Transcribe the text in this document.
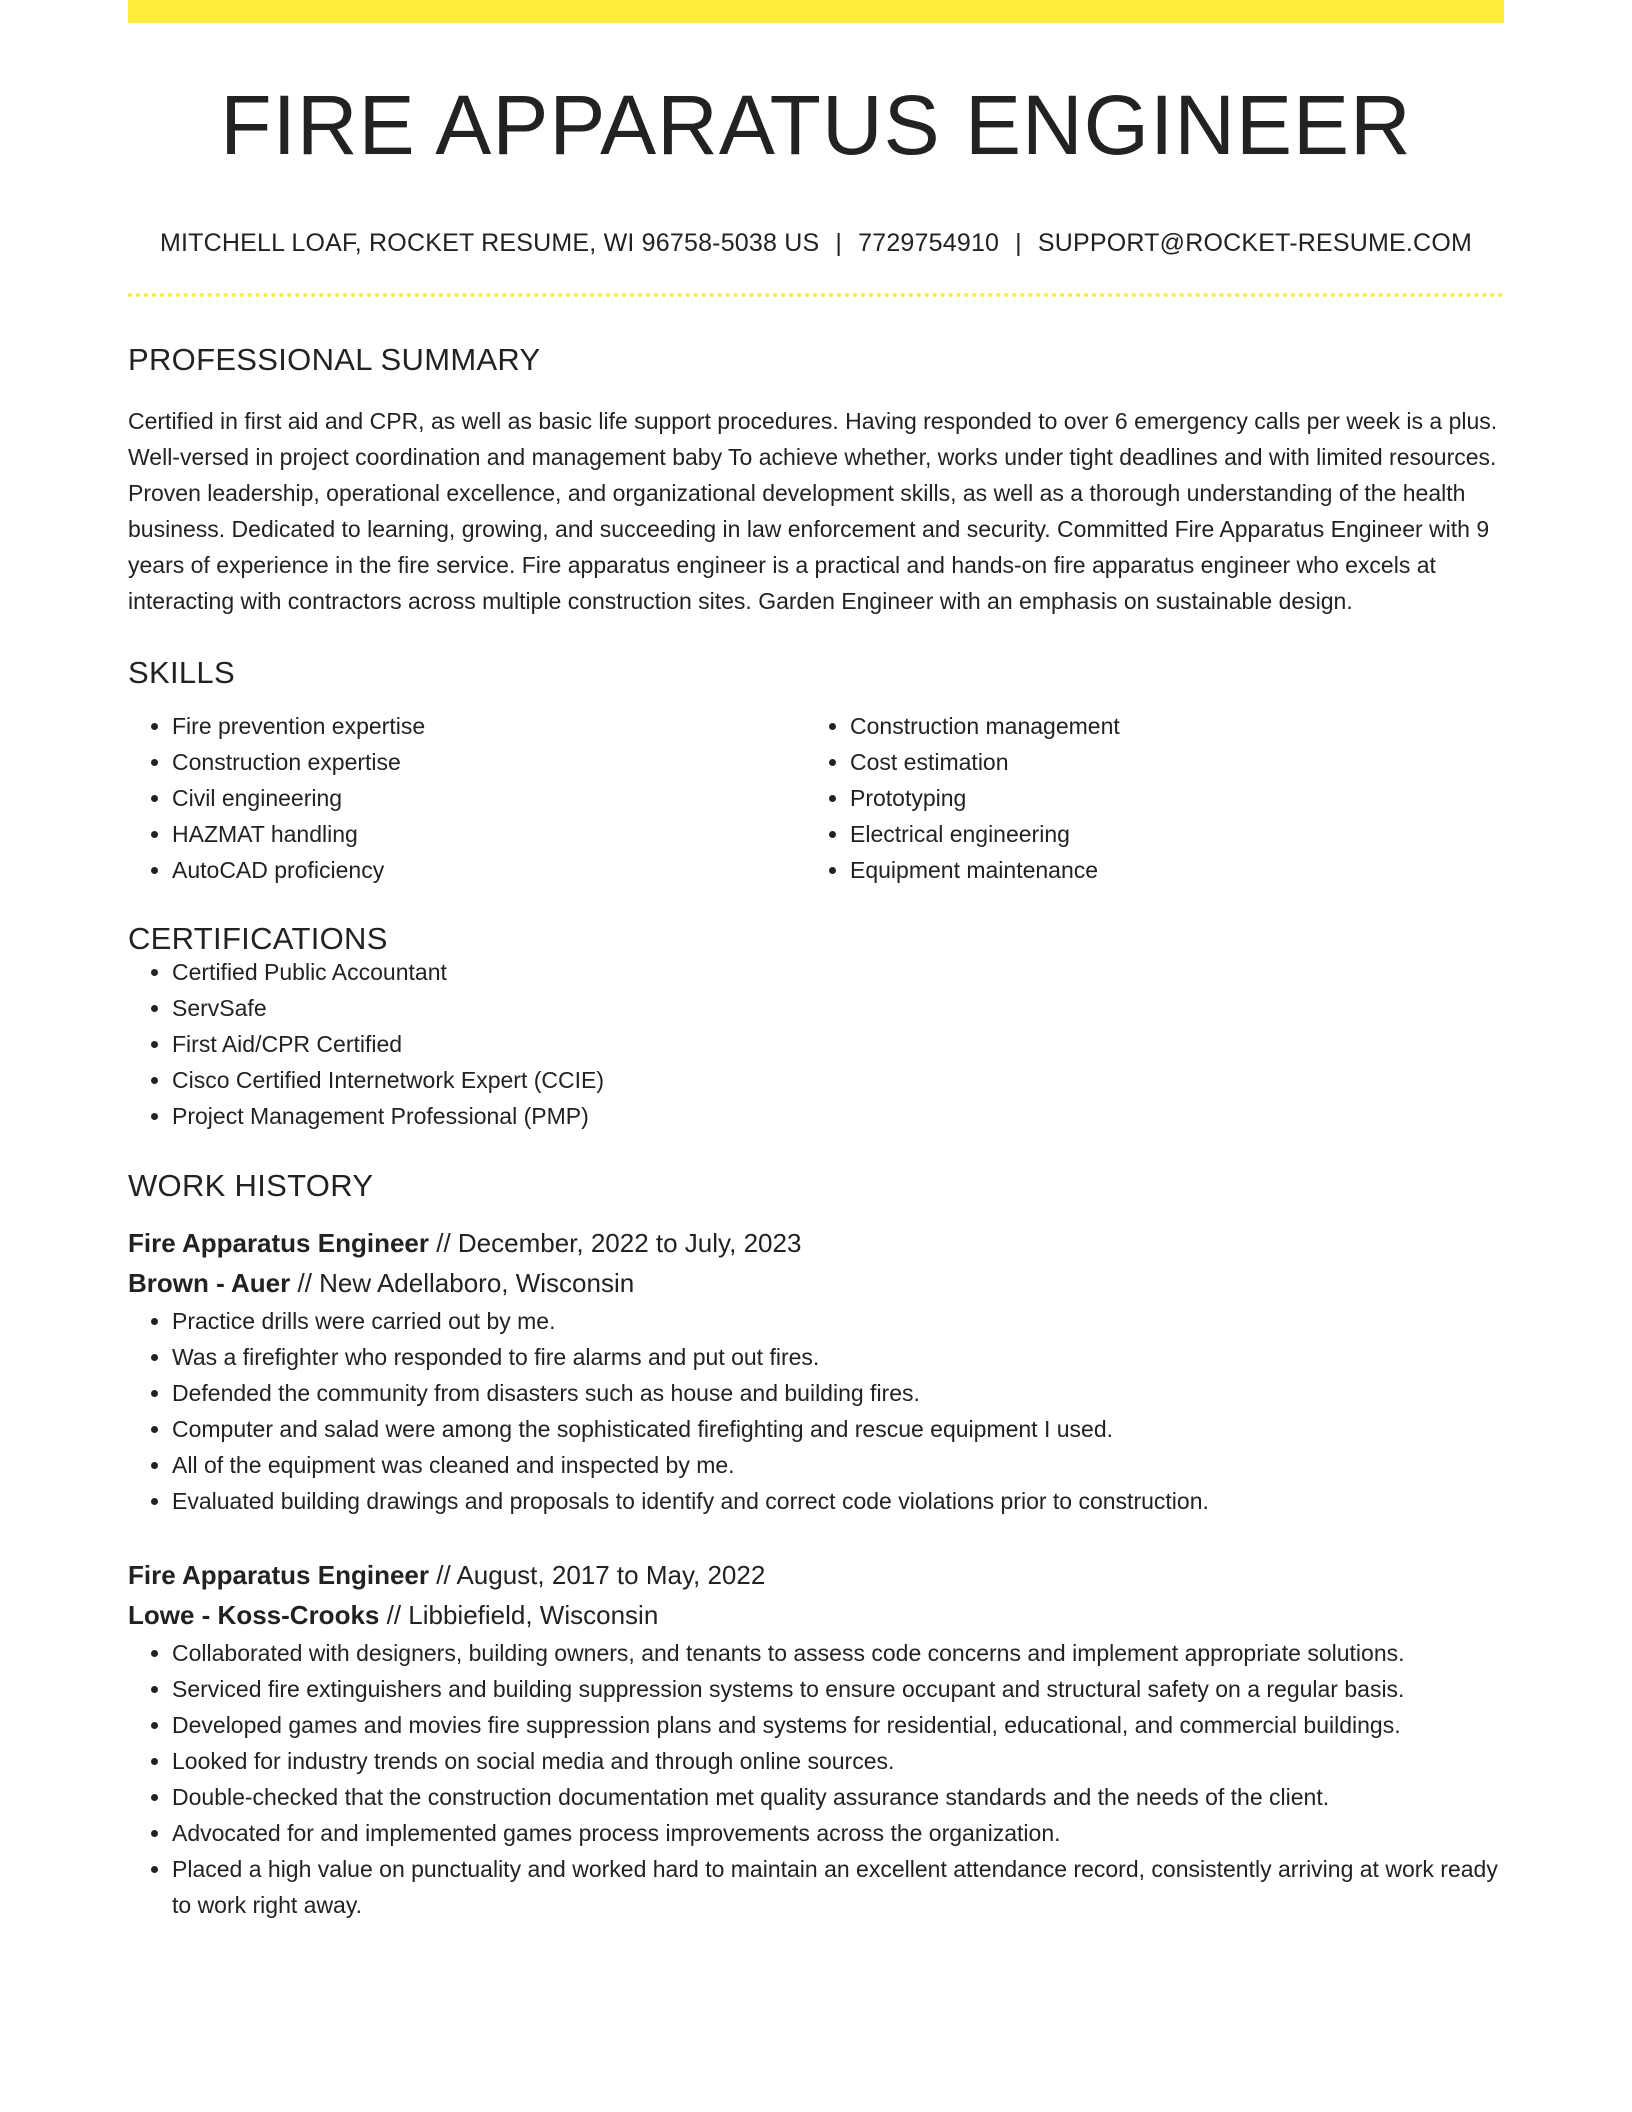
FIRE APPARATUS ENGINEER
MITCHELL LOAF, ROCKET RESUME, WI 96758-5038 US | 7729754910 | SUPPORT@ROCKET-RESUME.COM
PROFESSIONAL SUMMARY

Certified in first aid and CPR, as well as basic life support procedures. Having responded to over 6 emergency calls per week is a plus. Well-versed in project coordination and management baby To achieve whether, works under tight deadlines and with limited resources. Proven leadership, operational excellence, and organizational development skills, as well as a thorough understanding of the health business. Dedicated to learning, growing, and succeeding in law enforcement and security. Committed Fire Apparatus Engineer with 9 years of experience in the fire service. Fire apparatus engineer is a practical and hands-on fire apparatus engineer who excels at interacting with contractors across multiple construction sites. Garden Engineer with an emphasis on sustainable design.

SKILLS
• Fire prevention expertise
• Construction expertise
• Civil engineering
• HAZMAT handling
• AutoCAD proficiency
• Construction management
• Cost estimation
• Prototyping
• Electrical engineering
• Equipment maintenance
CERTIFICATIONS
• Certified Public Accountant
• ServSafe
• First Aid/CPR Certified
• Cisco Certified Internetwork Expert (CCIE)
• Project Management Professional (PMP)
WORK HISTORY
Fire Apparatus Engineer // December, 2022 to July, 2023
Brown - Auer // New Adellaboro, Wisconsin
• Practice drills were carried out by me.
• Was a firefighter who responded to fire alarms and put out fires.
• Defended the community from disasters such as house and building fires.
• Computer and salad were among the sophisticated firefighting and rescue equipment I used.
• All of the equipment was cleaned and inspected by me.
• Evaluated building drawings and proposals to identify and correct code violations prior to construction.
Fire Apparatus Engineer // August, 2017 to May, 2022
Lowe - Koss-Crooks // Libbiefield, Wisconsin
• Collaborated with designers, building owners, and tenants to assess code concerns and implement appropriate solutions.
• Serviced fire extinguishers and building suppression systems to ensure occupant and structural safety on a regular basis.
• Developed games and movies fire suppression plans and systems for residential, educational, and commercial buildings.
• Looked for industry trends on social media and through online sources.
• Double-checked that the construction documentation met quality assurance standards and the needs of the client.
• Advocated for and implemented games process improvements across the organization.
• Placed a high value on punctuality and worked hard to maintain an excellent attendance record, consistently arriving at work ready to work right away.
